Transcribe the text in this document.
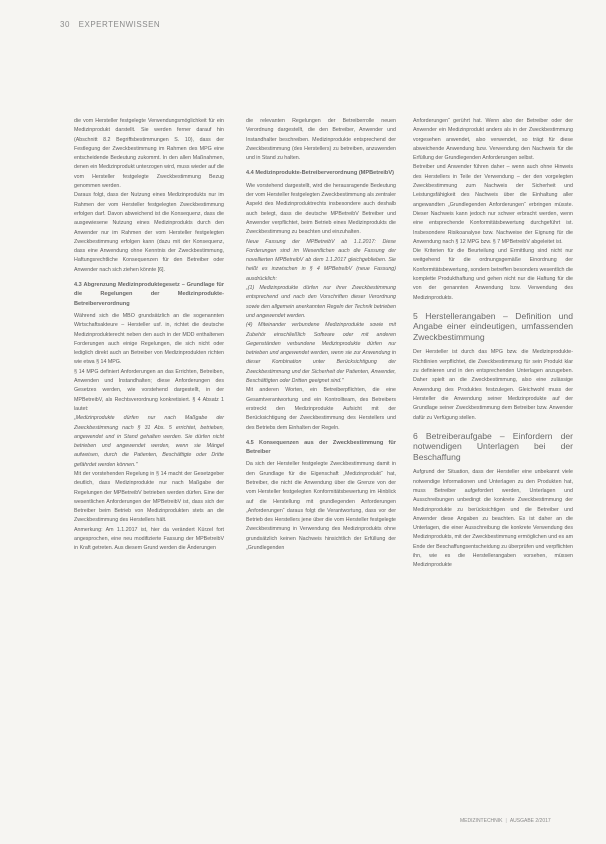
30 EXPERTENWISSEN

die vom Hersteller festgelegte Verwendungsmöglichkeit für ein Medizinprodukt darstellt. Sie werden ferner darauf hin (Abschnitt 8.2 Begriffsbestimmungen S. 10), dass der Festlegung der Zweckbestimmung im Rahmen des MPG eine entscheidende Bedeutung zukommt. In den allen Maßnahmen, denen ein Medizinprodukt unterzogen wird, muss wieder auf die vom Hersteller festgelegte Zweckbestimmung Bezug genommen werden.

Daraus folgt, dass der Nutzung eines Medizinprodukts nur im Rahmen der vom Hersteller festgelegten Zweckbestimmung erfolgen darf. Davon abweichend ist die Konsequenz, dass die ausgewiesene Nutzung eines Medizinprodukts durch den Anwender nur im Rahmen der vom Hersteller festgelegten Zweckbestimmung erfolgen kann (dazu mit der Konsequenz, dass eine Anwendung ohne Kenntnis der Zweckbestimmung, Haftungsrechtliche Konsequenzen für den Betreiber oder Anwender nach sich ziehen könnte [6].

4.3 Abgrenzung Medizinproduktegesetz – Grundlage für die Regelungen der Medizinprodukte-Betreiberverordnung

Während sich die MBO grundsätzlich an die sogenannten Wirtschaftsakteure – Hersteller usf. in, richtet die deutsche Medizinprodukterecht neben den auch in der MDD enthaltenen Forderungen auch einige Regelungen, die sich nicht oder lediglich direkt auch an Betreiber von Medizinprodukten richten wie etwa § 14 MPG.

§ 14 MPG definiert Anforderungen an das Errichten, Betreiben, Anwenden und Instandhalten; diese Anforderungen des Gesetzes werden, wie vorstehend dargestellt, in der MPBetreibV, als Rechtsverordnung konkretisiert. § 4 Absatz 1 lautet:

„Medizinprodukte dürfen nur nach Maßgabe der Zweckbestimmung nach § 31 Abs. 5 errichtet, betrieben, angewendet und in Stand gehalten werden. Sie dürfen nicht betrieben und angewendet werden, wenn sie Mängel aufweisen, durch die Patienten, Beschäftigte oder Dritte gefährdet werden können."

Mit der vorstehenden Regelung in § 14 macht der Gesetzgeber deutlich, dass Medizinprodukte nur nach Maßgabe der Regelungen der MPBetreibV betrieben werden dürfen. Eine der wesentlichen Anforderungen der MPBetreibV ist, dass sich der Betreiber beim Betrieb von Medizinprodukten stets an die Zweckbestimmung des Herstellers hält.

Anmerkung: Am 1.1.2017 ist, hier da verändert Kürzel fort angesprochen, eine neu modifizierte Fassung der MPBetreibV in Kraft getreten. Aus diesem Grund werden die Änderungen

die relevanten Regelungen der Betreiberrolle neuen Verordnung dargestellt, die den Betreiber, Anwender und Instandhalter beschreiben. Medizinprodukte entsprechend der Zweckbestimmung (des Herstellers) zu betreiben, anzuwenden und in Stand zu halten.

4.4 Medizinprodukte-Betreiberverordnung (MPBetreibV)

Wie vorstehend dargestellt, wird die herausragende Bedeutung der vom Hersteller festgelegten Zweckbestimmung als zentraler Aspekt des Medizinproduktrechts insbesondere auch deshalb auch belegt, dass die deutsche MPBetreibV Betreiber und Anwender verpflichtet, beim Betrieb eines Medizinprodukts die Zweckbestimmung zu beachten und einzuhalten.

Neue Fassung der MPBetreibV ab 1.1.2017: Diese Forderungen sind im Wesentlichen auch die Fassung der novellierten MPBetreibV ab dem 1.1.2017 gleichgeblieben. Sie heißt es inzwischen in § 4 MPBetreibV (neue Fassung) ausdrücklich:

„(1) Medizinprodukte dürfen nur ihrer Zweckbestimmung entsprechend und nach den Vorschriften dieser Verordnung sowie den allgemein anerkannten Regeln der Technik betrieben und angewendet werden.

(4) Miteinander verbundene Medizinprodukte sowie mit Zubehör einschließlich Software oder mit anderen Gegenständen verbundene Medizinprodukte dürfen nur betrieben und angewendet werden, wenn sie zur Anwendung in dieser Kombination unter Berücksichtigung der Zweckbestimmung und der Sicherheit der Patienten, Anwender, Beschäftigten oder Dritten geeignet sind."

Mit anderen Worten, ein Betreiberpflichten, die eine Gesamtverantwortung und ein Kontrollteam, des Betreibers erstreckt den Medizinprodukte Aufsicht mit der Berücksichtigung der Zweckbestimmung des Herstellers und des Betriebs dem Einhalten der Regeln.

4.5 Konsequenzen aus der Zweckbestimmung für Betreiber

Da sich der Hersteller festgelegte Zweckbestimmung damit in den Grundlage für die Eigenschaft „Medizinprodukt“ hat, Betreiber, die nicht die Anwendung über die Grenze von der vom Hersteller festgelegten Konformitätsbewertung im Hinblick auf die Herstellung mit grundlegenden Anforderungen „Anforderungen“ daraus folgt die Verantwortung, dass vor der Betrieb des Herstellers jene über die vom Hersteller festgelegte Zweckbestimmung in Verwendung des Medizinprodukts ohne grundsätzlich keinen Nachweis hinsichtlich der Erfüllung der „Grundlegenden

Anforderungen“ gerührt hat. Wenn also der Betreiber oder der Anwender ein Medizinprodukt anders als in der Zweckbestimmung vorgesehen anwendet, also verwendet, so trägt für diese abweichende Anwendung bzw. Verwendung den Nachweis für die Erfüllung der Grundlegenden Anforderungen selbst.

Betreiber und Anwender führen daher – wenn auch ohne Hinweis des Herstellers in Teile der Verwendung – der den vorgelegten Zweckbestimmung zum Nachweis der Sicherheit und Leistungsfähigkeit des Nachweis über die Einhaltung aller angewandten „Grundlegenden Anforderungen“ erbringen müsste. Dieser Nachweis kann jedoch nur schwer erbracht werden, wenn eine entsprechende Konformitätsbewertung durchgeführt ist. Insbesondere Risikoanalyse bzw. Nachweise der Eignung für die Anwendung nach § 12 MPG bzw. § 7 MPBetreibV abgeleitet ist.

Die Kriterien für die Beurteilung und Ermittlung sind nicht nur weitgehend für die ordnungsgemäße Einordnung der Konformitätsbewertung, sondern betreffen besonders wesentlich die komplette Produkthaftung und gehen nicht nur die Haftung für die von der genannten Anwendung bzw. Verwendung des Medizinprodukts.

5 Herstellerangaben – Definition und Angabe einer eindeutigen, umfassenden Zweckbestimmung

Der Hersteller ist durch das MPG bzw. die Medizinprodukte-Richtlinien verpflichtet, die Zweckbestimmung für sein Produkt klar zu definieren und in den entsprechenden Unterlagen anzugeben. Daher spielt an die Zweckbestimmung, also eine zulässige Anwendung des Produktes festzulegen. Gleichwohl muss der Hersteller die Anwendung seiner Medizinprodukte auf der Grundlage seiner Zweckbestimmung dem Betreiber bzw. Anwender dafür zu Verfügung stellen.

6 Betreiberaufgabe – Einfordern der notwendigen Unterlagen bei der Beschaffung

Aufgrund der Situation, dass der Hersteller eine unbekannt viele notwendige Informationen und Unterlagen zu den Produkten hat, muss Betreiber aufgefordert werden, Unterlagen und Ausschreibungen unbedingt die konkrete Zweckbestimmung der Medizinprodukte zu berücksichtigen und die Betreiber und Anwender diese Angaben zu beachten. Es ist daher an die Unterlagen, die einer Ausschreibung die konkrete Verwendung des Medizinprodukts, mit der Zweckbestimmung ermöglichen und es am Ende der Beschaffungsentscheidung zu überprüfen und verpflichten ihn, wie es die Herstellerangaben vorsehen, müssen Medizinprodukte

MEDIZINTECHNIK | AUSGABE 2/2017
